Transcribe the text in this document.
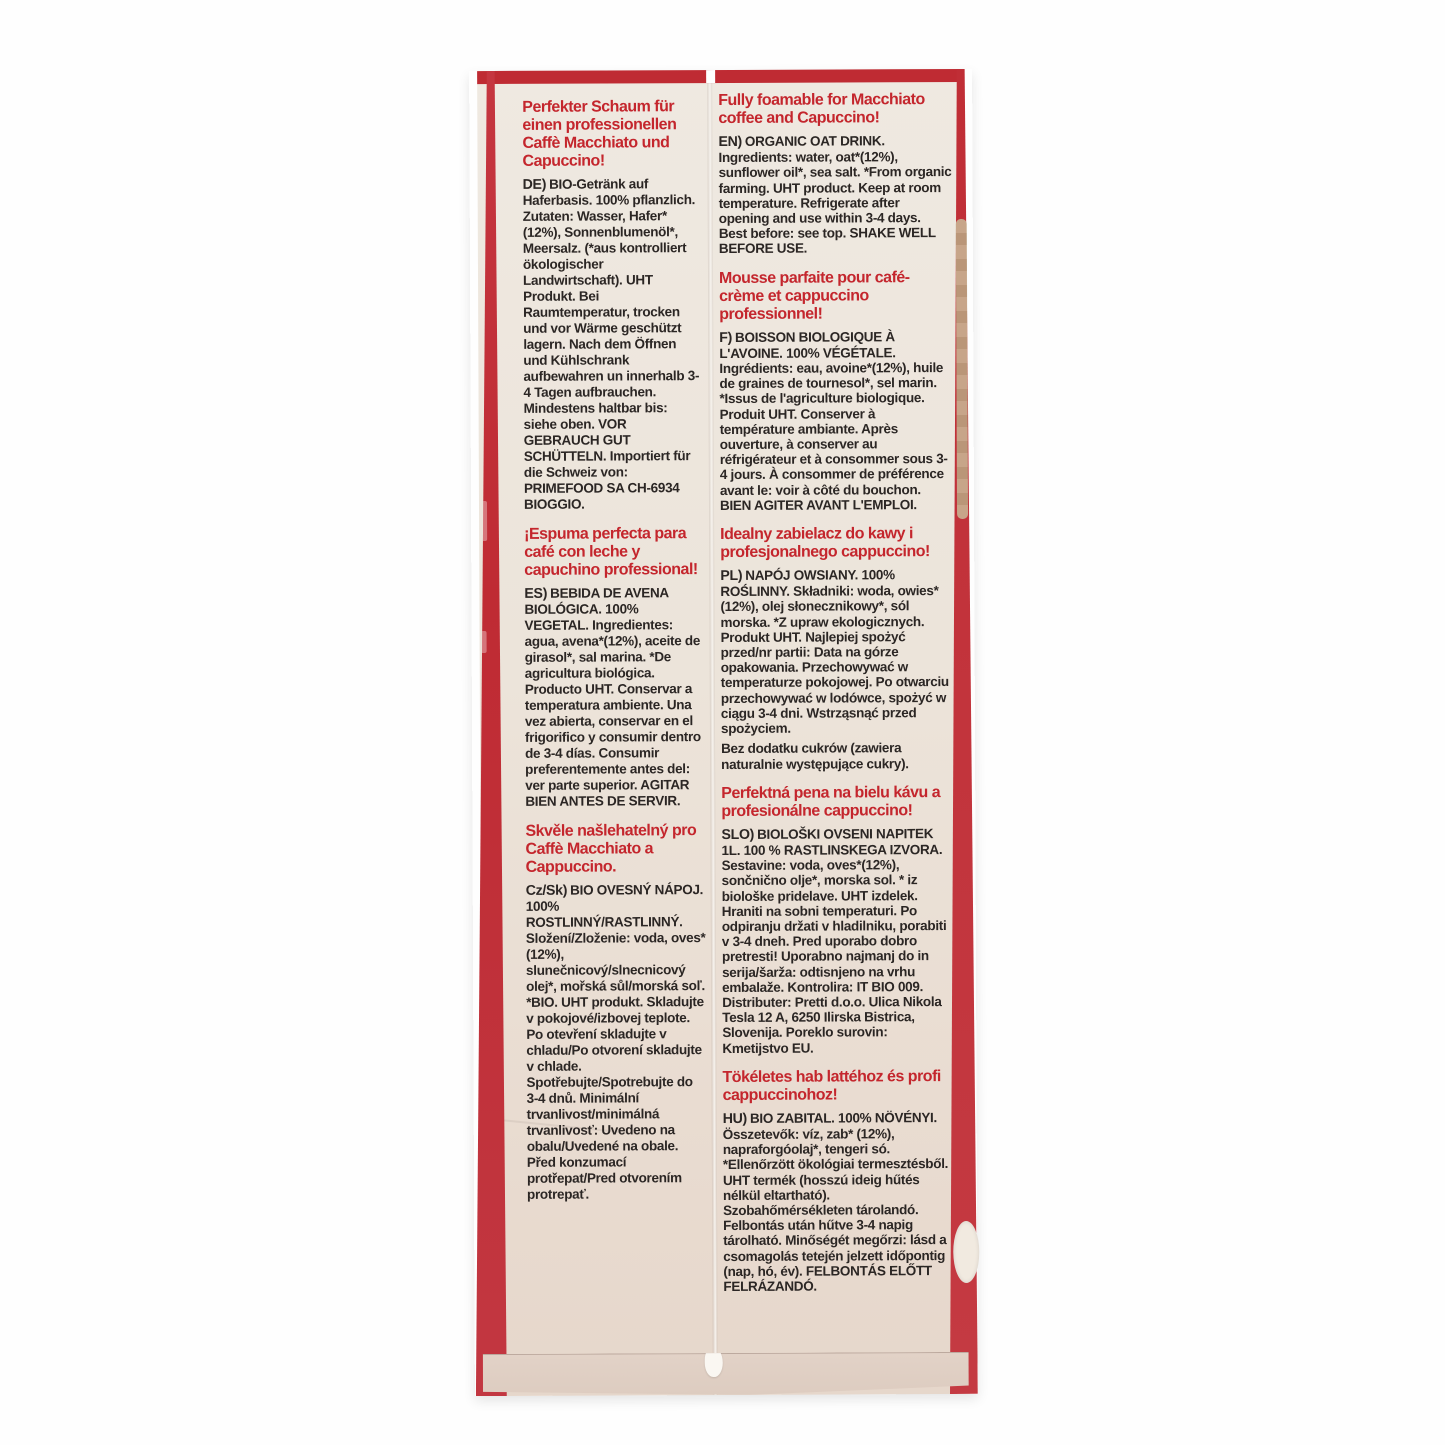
Perfekter Schaum für einen professionellen Caffè Macchiato und Capuccino!

DE) BIO-Getränk auf Haferbasis. 100% pflanzlich. Zutaten: Wasser, Hafer*(12%), Sonnenblumenöl*, Meersalz. (*aus kontrolliert ökologischer Landwirtschaft). UHT Produkt. Bei Raumtemperatur, trocken und vor Wärme geschützt lagern. Nach dem Öffnen und Kühlschrank aufbewahren un innerhalb 3-4 Tagen aufbrauchen. Mindestens haltbar bis: siehe oben. VOR GEBRAUCH GUT SCHÜTTELN. Importiert für die Schweiz von: PRIMEFOOD SA CH-6934 BIOGGIO.

¡Espuma perfecta para café con leche y capuchino professional!

ES) BEBIDA DE AVENA BIOLÓGICA. 100% VEGETAL. Ingredientes: agua, avena*(12%), aceite de girasol*, sal marina. *De agricultura biológica. Producto UHT. Conservar a temperatura ambiente. Una vez abierta, conservar en el frigorifico y consumir dentro de 3-4 días. Consumir preferentemente antes del: ver parte superior. AGITAR BIEN ANTES DE SERVIR.

Skvěle našlehatelný pro Caffè Macchiato a Cappuccino.

Cz/Sk) BIO OVESNÝ NÁPOJ. 100% ROSTLINNÝ/RASTLINNÝ. Složení/Zloženie: voda, oves*(12%), slunečnicový/slnecnicový olej*, mořská sůl/morská soľ. *BIO. UHT produkt. Skladujte v pokojové/izbovej teplote. Po otevření skladujte v chladu/Po otvorení skladujte v chlade. Spotřebujte/Spotrebujte do 3-4 dnů. Minimální trvanlivost/minimálná trvanlivosť: Uvedeno na obalu/Uvedené na obale. Před konzumací protřepat/Pred otvorením protrepať.

Fully foamable for Macchiato coffee and Capuccino!

EN) ORGANIC OAT DRINK. Ingredients: water, oat*(12%), sunflower oil*, sea salt. *From organic farming. UHT product. Keep at room temperature. Refrigerate after opening and use within 3-4 days. Best before: see top. SHAKE WELL BEFORE USE.

Mousse parfaite pour café-crème et cappuccino professionnel!

F) BOISSON BIOLOGIQUE À L'AVOINE. 100% VÉGÉTALE. Ingrédients: eau, avoine*(12%), huile de graines de tournesol*, sel marin. *Issus de l'agriculture biologique. Produit UHT. Conserver à température ambiante. Après ouverture, à conserver au réfrigérateur et à consommer sous 3-4 jours. À consommer de préférence avant le: voir à côté du bouchon. BIEN AGITER AVANT L'EMPLOI.

Idealny zabielacz do kawy i profesjonalnego cappuccino!

PL) NAPÓJ OWSIANY. 100% ROŚLINNY. Składniki: woda, owies* (12%), olej słonecznikowy*, sól morska. *Z upraw ekologicznych. Produkt UHT. Najlepiej spożyć przed/nr partii: Data na górze opakowania. Przechowywać w temperaturze pokojowej. Po otwarciu przechowywać w lodówce, spożyć w ciągu 3-4 dni. Wstrząsnąć przed spożyciem.

Bez dodatku cukrów (zawiera naturalnie występujące cukry).

Perfektná pena na bielu kávu a profesionálne cappuccino!

SLO) BIOLOŠKI OVSENI NAPITEK 1L. 100 % RASTLINSKEGA IZVORA. Sestavine: voda, oves*(12%), sončnično olje*, morska sol. * iz biološke pridelave. UHT izdelek. Hraniti na sobni temperaturi. Po odpiranju držati v hladilniku, porabiti v 3-4 dneh. Pred uporabo dobro pretresti! Uporabno najmanj do in serija/šarža: odtisnjeno na vrhu embalaže. Kontrolira: IT BIO 009. Distributer: Pretti d.o.o. Ulica Nikola Tesla 12 A, 6250 Ilirska Bistrica, Slovenija. Poreklo surovin: Kmetijstvo EU.

Tökéletes hab lattéhoz és profi cappuccinohoz!

HU) BIO ZABITAL. 100% NÖVÉNYI. Összetevők: víz, zab* (12%), napraforgóolaj*, tengeri só. *Ellenőrzött ökológiai termesztésből. UHT termék (hosszú ideig hűtés nélkül eltartható). Szobahőmérsékleten tárolandó. Felbontás után hűtve 3-4 napig tárolható. Minőségét megőrzi: lásd a csomagolás tetején jelzett időpontig (nap, hó, év). FELBONTÁS ELŐTT FELRÁZANDÓ.
